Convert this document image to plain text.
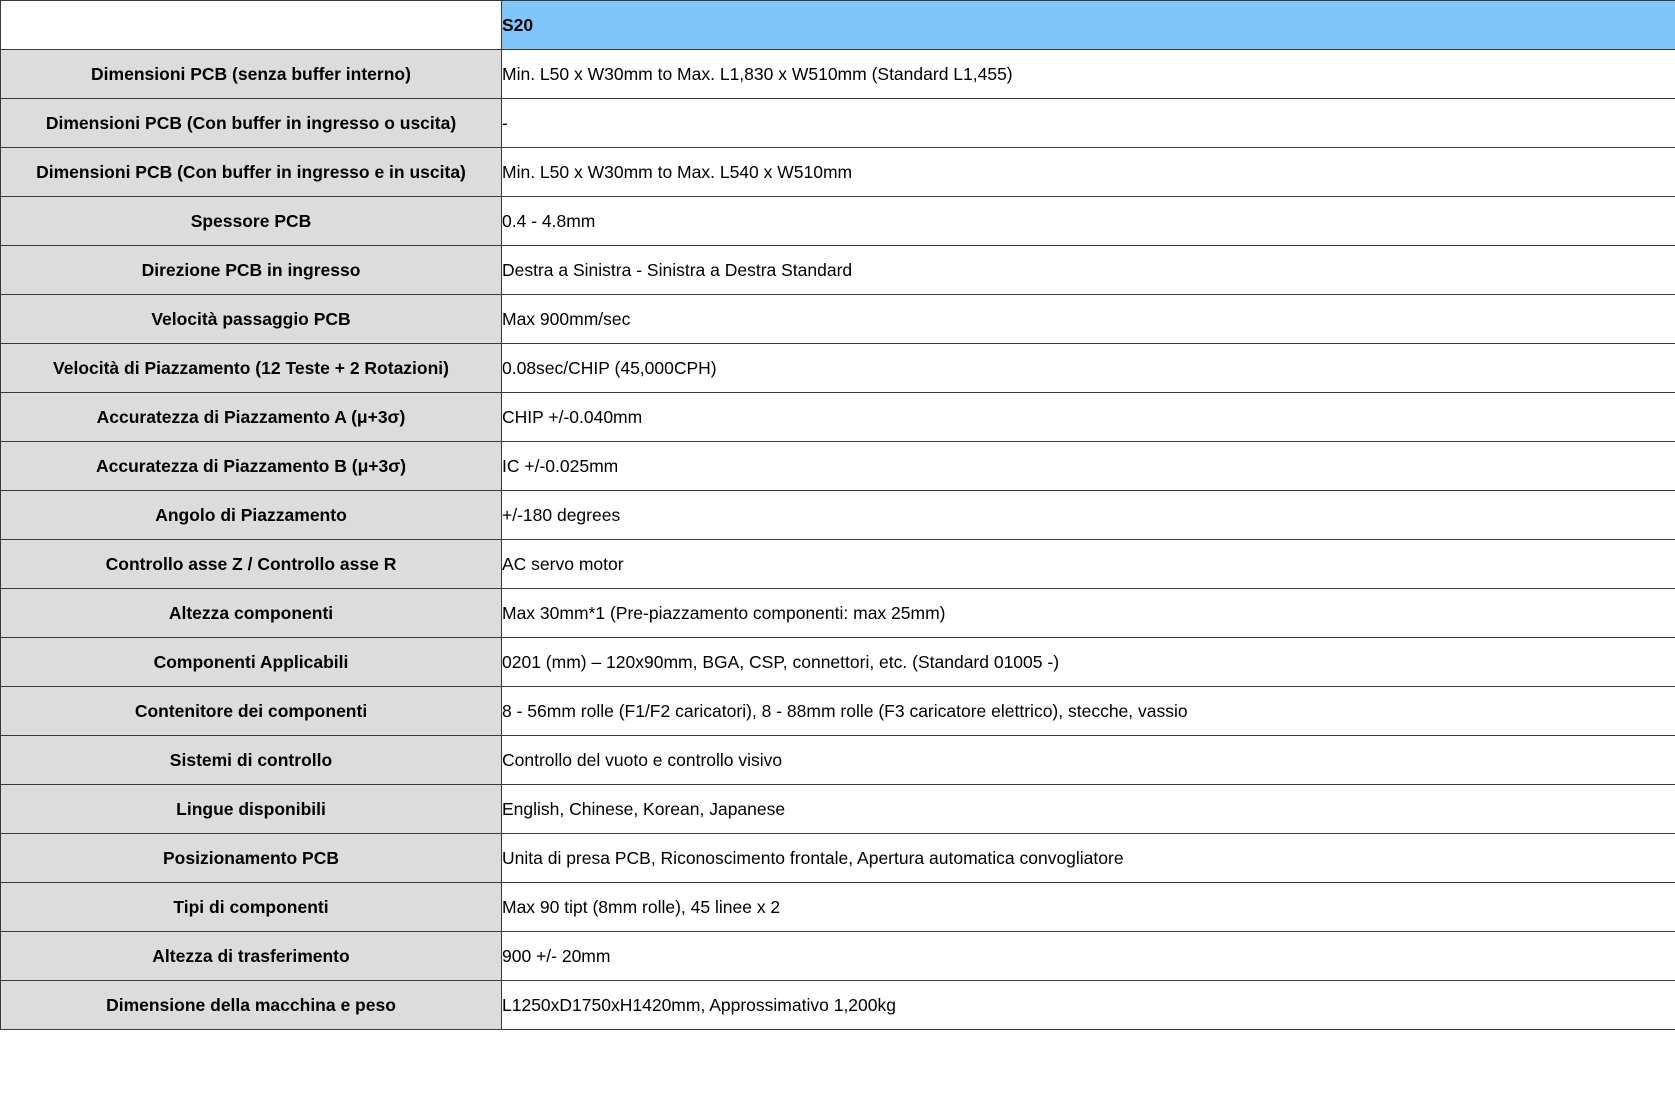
	S20
Dimensioni PCB (senza buffer interno)	Min. L50 x W30mm to Max. L1,830 x W510mm (Standard L1,455)
Dimensioni PCB (Con buffer in ingresso o uscita)	-
Dimensioni PCB (Con buffer in ingresso e in uscita)	Min. L50 x W30mm to Max. L540 x W510mm
Spessore PCB	0.4 - 4.8mm
Direzione PCB in ingresso	Destra a Sinistra - Sinistra a Destra Standard
Velocità passaggio PCB	Max 900mm/sec
Velocità di Piazzamento (12 Teste + 2 Rotazioni)	0.08sec/CHIP (45,000CPH)
Accuratezza di Piazzamento A (μ+3σ)	CHIP +/-0.040mm
Accuratezza di Piazzamento B (μ+3σ)	IC +/-0.025mm
Angolo di Piazzamento	+/-180 degrees
Controllo asse Z / Controllo asse R	AC servo motor
Altezza componenti	Max 30mm*1 (Pre-piazzamento componenti: max 25mm)
Componenti Applicabili	0201 (mm) – 120x90mm, BGA, CSP, connettori, etc. (Standard 01005 -)
Contenitore dei componenti	8 - 56mm rolle (F1/F2 caricatori), 8 - 88mm rolle (F3 caricatore elettrico), stecche, vassio
Sistemi di controllo	Controllo del vuoto e controllo visivo
Lingue disponibili	English, Chinese, Korean, Japanese
Posizionamento PCB	Unita di presa PCB, Riconoscimento frontale, Apertura automatica convogliatore
Tipi di componenti	Max 90 tipt (8mm rolle), 45 linee x 2
Altezza di trasferimento	900 +/- 20mm
Dimensione della macchina e peso	L1250xD1750xH1420mm, Approssimativo 1,200kg
